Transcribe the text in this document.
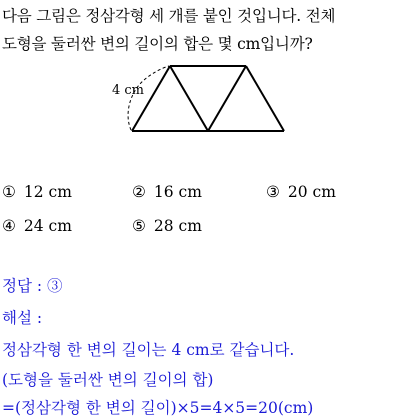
다음 그림은 정삼각형 세 개를 붙인 것입니다. 전체
도형을 둘러싼 변의 길이의 합은 몇 cm입니까?
4 cm
① 12 cm	② 16 cm	③ 20 cm
④ 24 cm	⑤ 28 cm
정답 : ③
해설 :
정삼각형 한 변의 길이는 4 cm로 같습니다.
(도형을 둘러싼 변의 길이의 합)
=(정삼각형 한 변의 길이)×5=4×5=20(cm)
